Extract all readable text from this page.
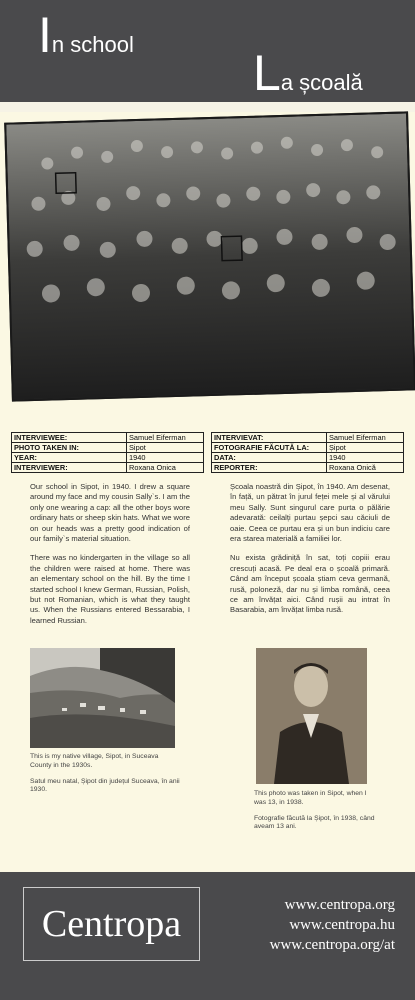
In school
La școală
INTERVIEWEE:	Samuel Eiferman
PHOTO TAKEN IN:	Sipot
YEAR:	1940
INTERVIEWER:	Roxana Onica
INTERVIEVAT:	Samuel Eiferman
FOTOGRAFIE FĂCUTĂ LA:	Șipot
DATA:	1940
REPORTER:	Roxana Onică

Our school in Sipot, in 1940. I drew a square around my face and my cousin Sally`s. I am the only one wearing a cap: all the other boys wore ordinary hats or sheep skin hats. What we wore on our heads was a pretty good indication of our family`s material situation.

There was no kindergarten in the village so all the children were raised at home. There was an elementary school on the hill. By the time I started school I knew German, Russian, Polish, but not Romanian, which is what they taught us. When the Russians entered Bessarabia, I learned Russian.

Școala noastră din Șipot, în 1940. Am desenat, în față, un pătrat în jurul feței mele și al vărului meu Sally. Sunt singurul care purta o pălărie adevarată: ceilalți purtau șepci sau căciuli de oaie. Ceea ce purtau era și un bun indiciu care era starea materială a familiei lor.

Nu exista grădiniță în sat, toți copiii erau crescuți acasă. Pe deal era o școală primară. Când am început școala știam ceva germană, rusă, poloneză, dar nu și limba română, ceea ce am învățat aici. Când rușii au intrat în Basarabia, am învățat limba rusă.

This is my native village, Sipot, in Suceava County in the 1930s.

Satul meu natal, Șipot din județul Suceava, în anii 1930.

This photo was taken in Sipot, when I was 13, in 1938.

Fotografie făcută la Șipot, în 1938, când aveam 13 ani.

Centropa	www.centropa.org
www.centropa.hu
www.centropa.org/at
